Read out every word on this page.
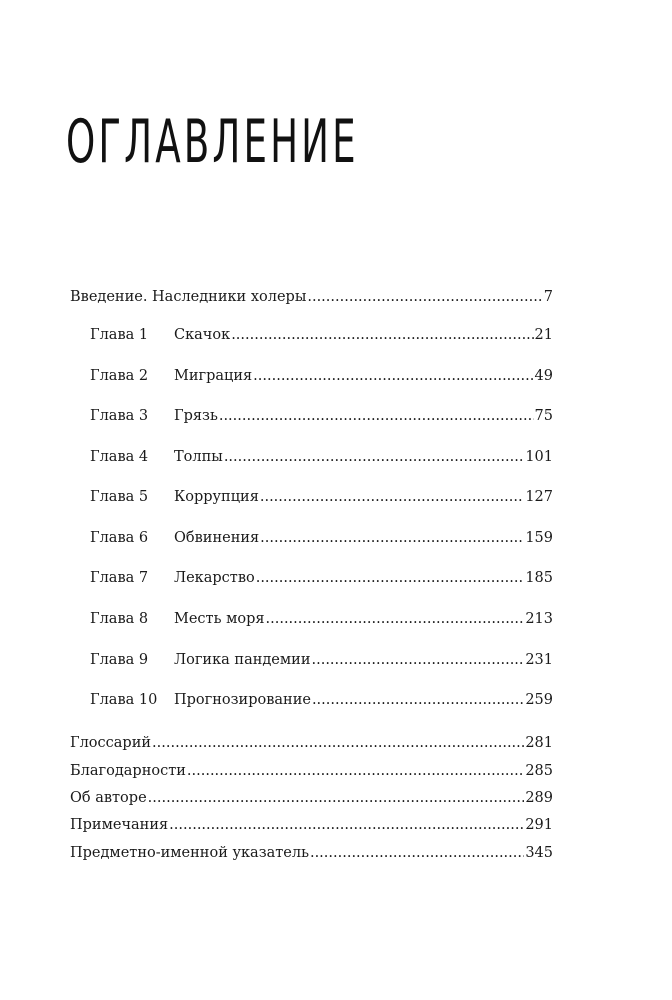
ОГЛАВЛЕНИЕ
Введение. Наследники холеры .....	7
Глава 1	Скачок .....	21
Глава 2	Миграция .....	49
Глава 3	Грязь .....	75
Глава 4	Толпы .....	101
Глава 5	Коррупция .....	127
Глава 6	Обвинения .....	159
Глава 7	Лекарство .....	185
Глава 8	Месть моря .....	213
Глава 9	Логика пандемии .....	231
Глава 10	Прогнозирование .....	259
Глоссарий .....	281
Благодарности .....	285
Об авторе .....	289
Примечания .....	291
Предметно-именной указатель .....	345
